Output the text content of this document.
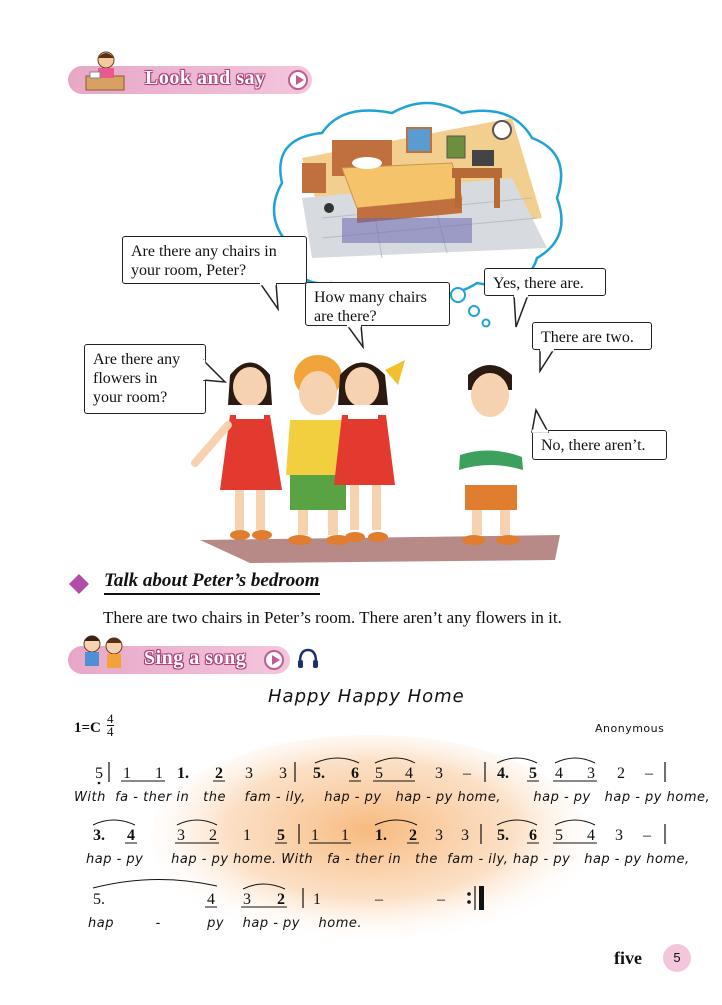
Look and say
Are there any chairs in
your room, Peter?
How many chairs
are there?
Yes, there are.
There are two.
Are there any
flowers in
your room?
No, there aren’t.
Talk about Peter’s bedroom
There are two chairs in Peter’s room. There aren’t any flowers in it.
Sing a song
Happy Happy Home
1=C
4
4	Anonymous
5 1 1 1. 2 3 3 5. 6 5 4 3 – 4. 5 4 3 2 –
With  fa - ther in   the    fam - ily,    hap - py   hap - py home,       hap - py   hap - py home,
3. 4	3 2 1 5 1 1 1. 2 3 3 5. 6 5 4 3 –
hap - py      hap - py home. With   fa - ther in   the  fam - ily, hap - py   hap - py home,
5.	4 3 2 1	–	–
hap         -          py    hap - py    home.
five	5
